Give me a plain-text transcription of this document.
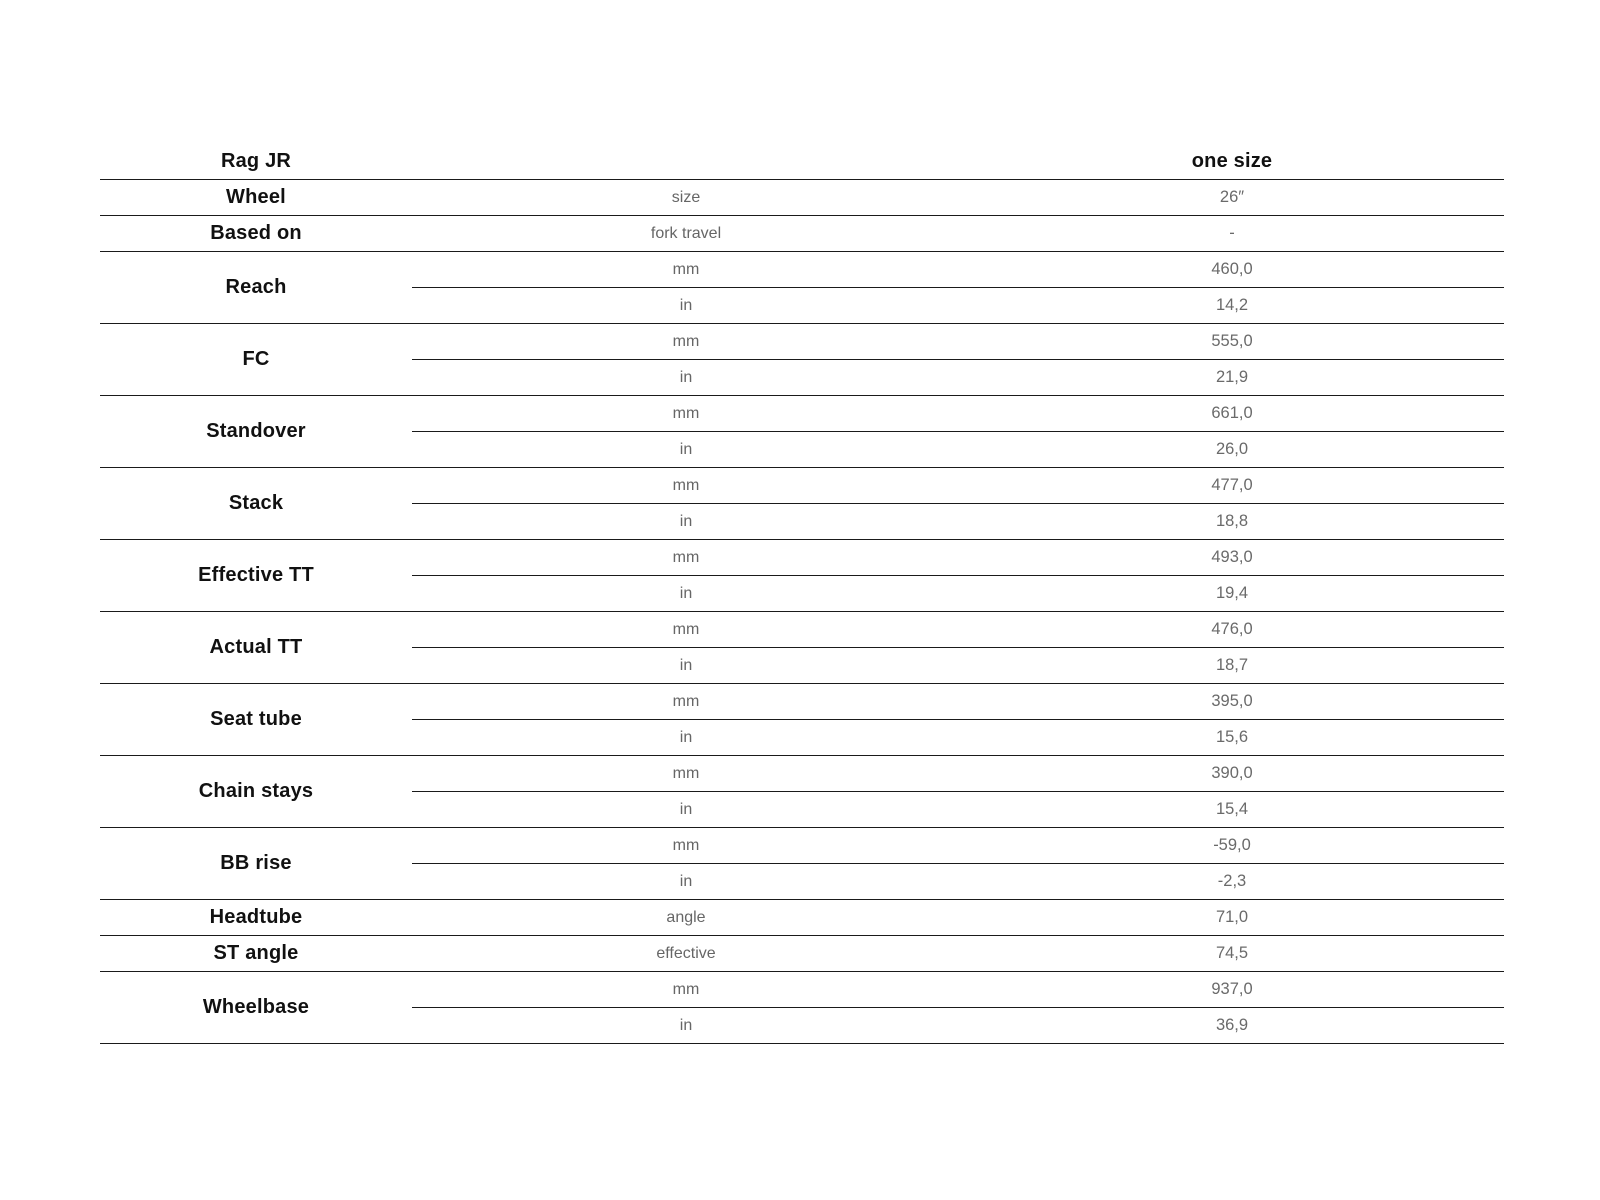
Rag JR		one size
Wheel	size	26″
Based on	fork travel	-
Reach	mm	460,0
	in	14,2
FC	mm	555,0
	in	21,9
Standover	mm	661,0
	in	26,0
Stack	mm	477,0
	in	18,8
Effective TT	mm	493,0
	in	19,4
Actual TT	mm	476,0
	in	18,7
Seat tube	mm	395,0
	in	15,6
Chain stays	mm	390,0
	in	15,4
BB rise	mm	-59,0
	in	-2,3
Headtube	angle	71,0
ST angle	effective	74,5
Wheelbase	mm	937,0
	in	36,9
